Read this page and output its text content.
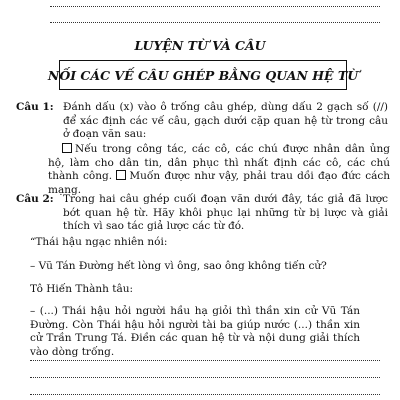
LUYỆN TỪ VÀ CÂU
NỐI CÁC VẾ CÂU GHÉP BẰNG QUAN HỆ TỪ
Câu 1: Đánh dấu (x) vào ô trống câu ghép, dùng dấu 2 gạch số (//) để xác định các vế câu, gạch dưới cặp quan hệ từ trong câu ở đoạn văn sau:
Nếu trong công tác, các cô, các chú được nhân dân ủng hộ, làm cho dân tin, dân phục thì nhất định các cô, các chú thành công. Muốn được như vậy, phải trau dồi đạo đức cách mạng.
Câu 2: Trong hai câu ghép cuối đoạn văn dưới đây, tác giả đã lược bớt quan hệ từ. Hãy khôi phục lại những từ bị lược và giải thích vì sao tác giả lược các từ đó.
“Thái hậu ngạc nhiên nói:
– Vũ Tán Đường hết lòng vì ông, sao ông không tiến cử?
Tô Hiến Thành tâu:
– (...) Thái hậu hỏi người hầu hạ giỏi thì thần xin cử Vũ Tán Đường. Còn Thái hậu hỏi người tài ba giúp nước (...) thần xin cử Trần Trung Tá. Điền các quan hệ từ và nội dung giải thích vào dòng trống.
